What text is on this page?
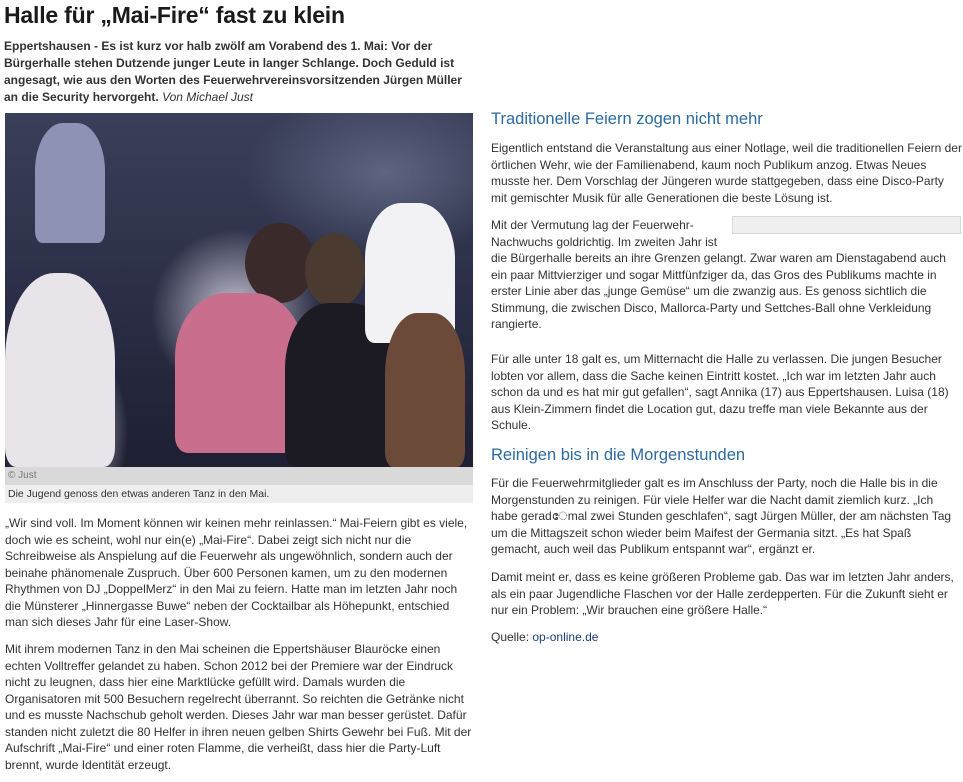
Halle für „Mai-Fire“ fast zu klein

Eppertshausen - Es ist kurz vor halb zwölf am Vorabend des 1. Mai: Vor der Bürgerhalle stehen Dutzende junger Leute in langer Schlange. Doch Geduld ist angesagt, wie aus den Worten des Feuerwehrvereinsvorsitzenden Jürgen Müller an die Security hervorgeht. Von Michael Just

© Just
Die Jugend genoss den etwas anderen Tanz in den Mai.

„Wir sind voll. Im Moment können wir keinen mehr reinlassen.“ Mai-Feiern gibt es viele, doch wie es scheint, wohl nur ein(e) „Mai-Fire“. Dabei zeigt sich nicht nur die Schreibweise als Anspielung auf die Feuerwehr als ungewöhnlich, sondern auch der beinahe phänomenale Zuspruch. Über 600 Personen kamen, um zu den modernen Rhythmen von DJ „DoppelMerz“ in den Mai zu feiern. Hatte man im letzten Jahr noch die Münsterer „Hinnergasse Buwe“ neben der Cocktailbar als Höhepunkt, entschied man sich dieses Jahr für eine Laser-Show.

Mit ihrem modernen Tanz in den Mai scheinen die Eppertshäuser Blauröcke einen echten Volltreffer gelandet zu haben. Schon 2012 bei der Premiere war der Eindruck nicht zu leugnen, dass hier eine Marktlücke gefüllt wird. Damals wurden die Organisatoren mit 500 Besuchern regelrecht überrannt. So reichten die Getränke nicht und es musste Nachschub geholt werden. Dieses Jahr war man besser gerüstet. Dafür standen nicht zuletzt die 80 Helfer in ihren neuen gelben Shirts Gewehr bei Fuß. Mit der Aufschrift „Mai-Fire“ und einer roten Flamme, die verheißt, dass hier die Party-Luft brennt, wurde Identität erzeugt.

Traditionelle Feiern zogen nicht mehr

Eigentlich entstand die Veranstaltung aus einer Notlage, weil die traditionellen Feiern der örtlichen Wehr, wie der Familienabend, kaum noch Publikum anzog. Etwas Neues musste her. Dem Vorschlag der Jüngeren wurde stattgegeben, dass eine Disco-Party mit gemischter Musik für alle Generationen die beste Lösung ist.

Mit der Vermutung lag der Feuerwehr-
Nachwuchs goldrichtig. Im zweiten Jahr ist
die Bürgerhalle bereits an ihre Grenzen gelangt. Zwar waren am Dienstagabend auch ein paar Mittvierziger und sogar Mittfünfziger da, das Gros des Publikums machte in erster Linie aber das „junge Gemüse“ um die zwanzig aus. Es genoss sichtlich die Stimmung, die zwischen Disco, Mallorca-Party und Settches-Ball ohne Verkleidung rangierte.

Für alle unter 18 galt es, um Mitternacht die Halle zu verlassen. Die jungen Besucher lobten vor allem, dass die Sache keinen Eintritt kostet. „Ich war im letzten Jahr auch schon da und es hat mir gut gefallen“, sagt Annika (17) aus Eppertshausen. Luisa (18) aus Klein-Zimmern findet die Location gut, dazu treffe man viele Bekannte aus der Schule.

Reinigen bis in die Morgenstunden

Für die Feuerwehrmitglieder galt es im Anschluss der Party, noch die Halle bis in die Morgenstunden zu reinigen. Für viele Helfer war die Nacht damit ziemlich kurz. „Ich habe geradേmal zwei Stunden geschlafen“, sagt Jürgen Müller, der am nächsten Tag um die Mittagszeit schon wieder beim Maifest der Germania sitzt. „Es hat Spaß gemacht, auch weil das Publikum entspannt war“, ergänzt er.

Damit meint er, dass es keine größeren Probleme gab. Das war im letzten Jahr anders, als ein paar Jugendliche Flaschen vor der Halle zerdepperten. Für die Zukunft sieht er nur ein Problem: „Wir brauchen eine größere Halle.“

Quelle: op-online.de
